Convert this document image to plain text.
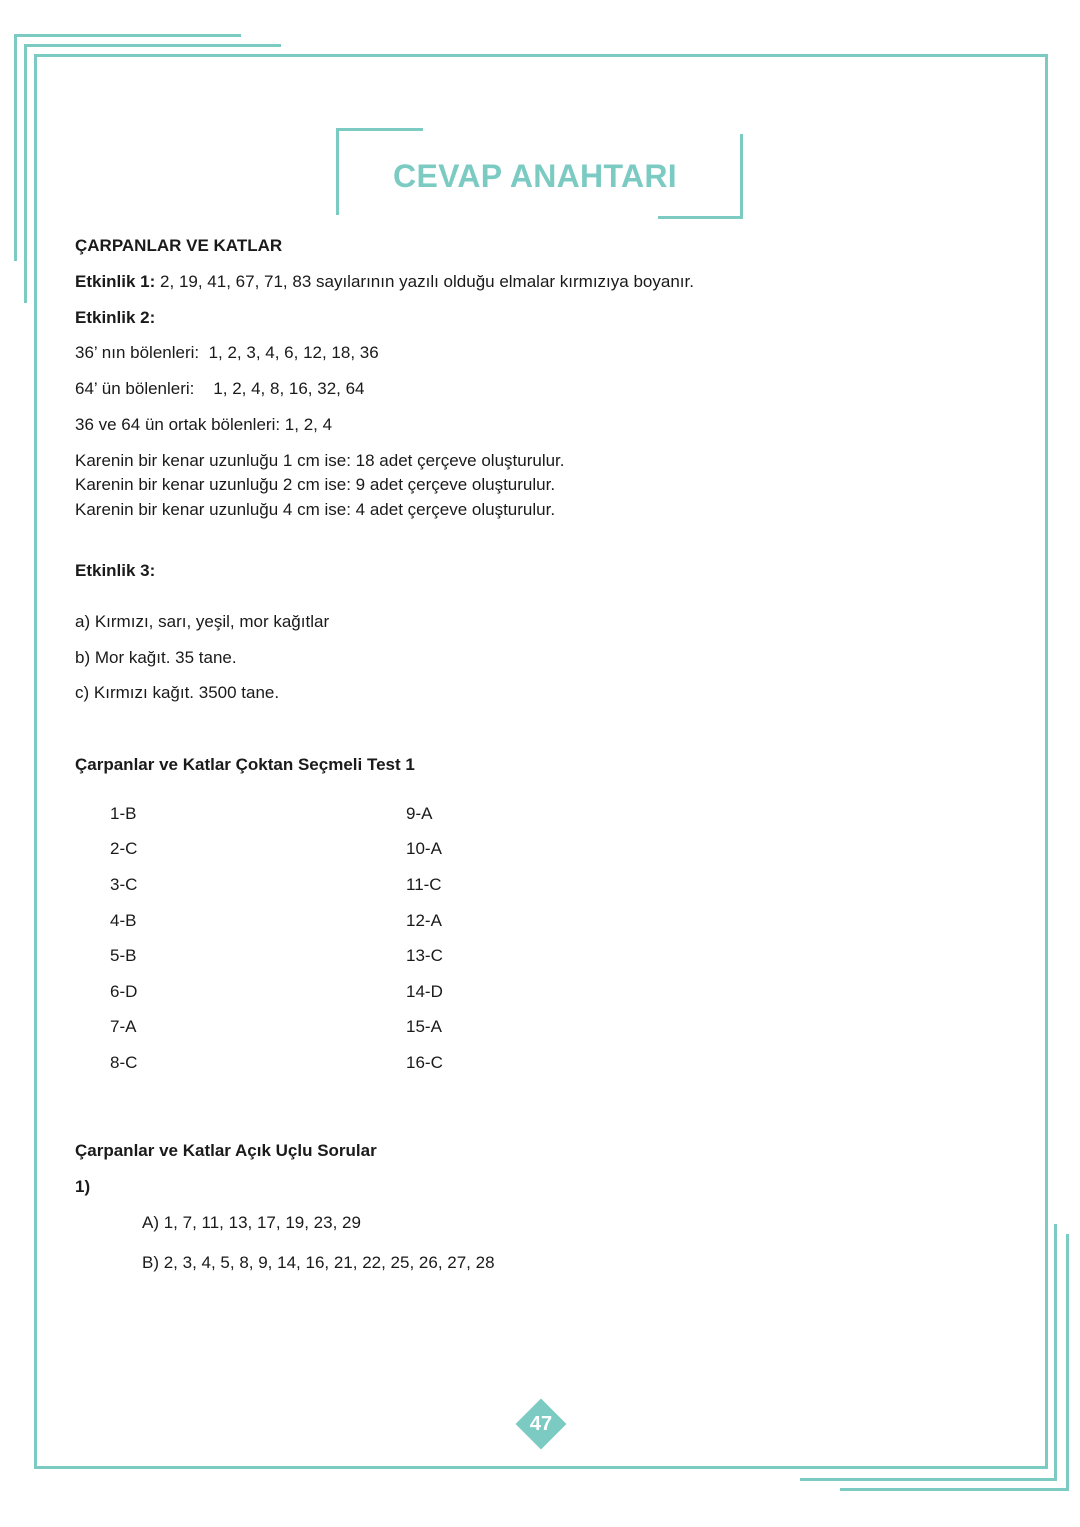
CEVAP ANAHTARI
ÇARPANLAR VE KATLAR
Etkinlik 1: 2, 19, 41, 67, 71, 83 sayılarının yazılı olduğu elmalar kırmızıya boyanır.
Etkinlik 2:
36’ nın bölenleri:  1, 2, 3, 4, 6, 12, 18, 36
64’ ün bölenleri:    1, 2, 4, 8, 16, 32, 64
36 ve 64 ün ortak bölenleri: 1, 2, 4
Karenin bir kenar uzunluğu 1 cm ise: 18 adet çerçeve oluşturulur.
Karenin bir kenar uzunluğu 2 cm ise: 9 adet çerçeve oluşturulur.
Karenin bir kenar uzunluğu 4 cm ise: 4 adet çerçeve oluşturulur.
Etkinlik 3:
a) Kırmızı, sarı, yeşil, mor kağıtlar
b) Mor kağıt. 35 tane.
c) Kırmızı kağıt. 3500 tane.
Çarpanlar ve Katlar Çoktan Seçmeli Test 1
1-B
2-C
3-C
4-B
5-B
6-D
7-A
8-C
9-A
10-A
11-C
12-A
13-C
14-D
15-A
16-C
Çarpanlar ve Katlar Açık Uçlu Sorular
1)
A) 1, 7, 11, 13, 17, 19, 23, 29
B) 2, 3, 4, 5, 8, 9, 14, 16, 21, 22, 25, 26, 27, 28
47
